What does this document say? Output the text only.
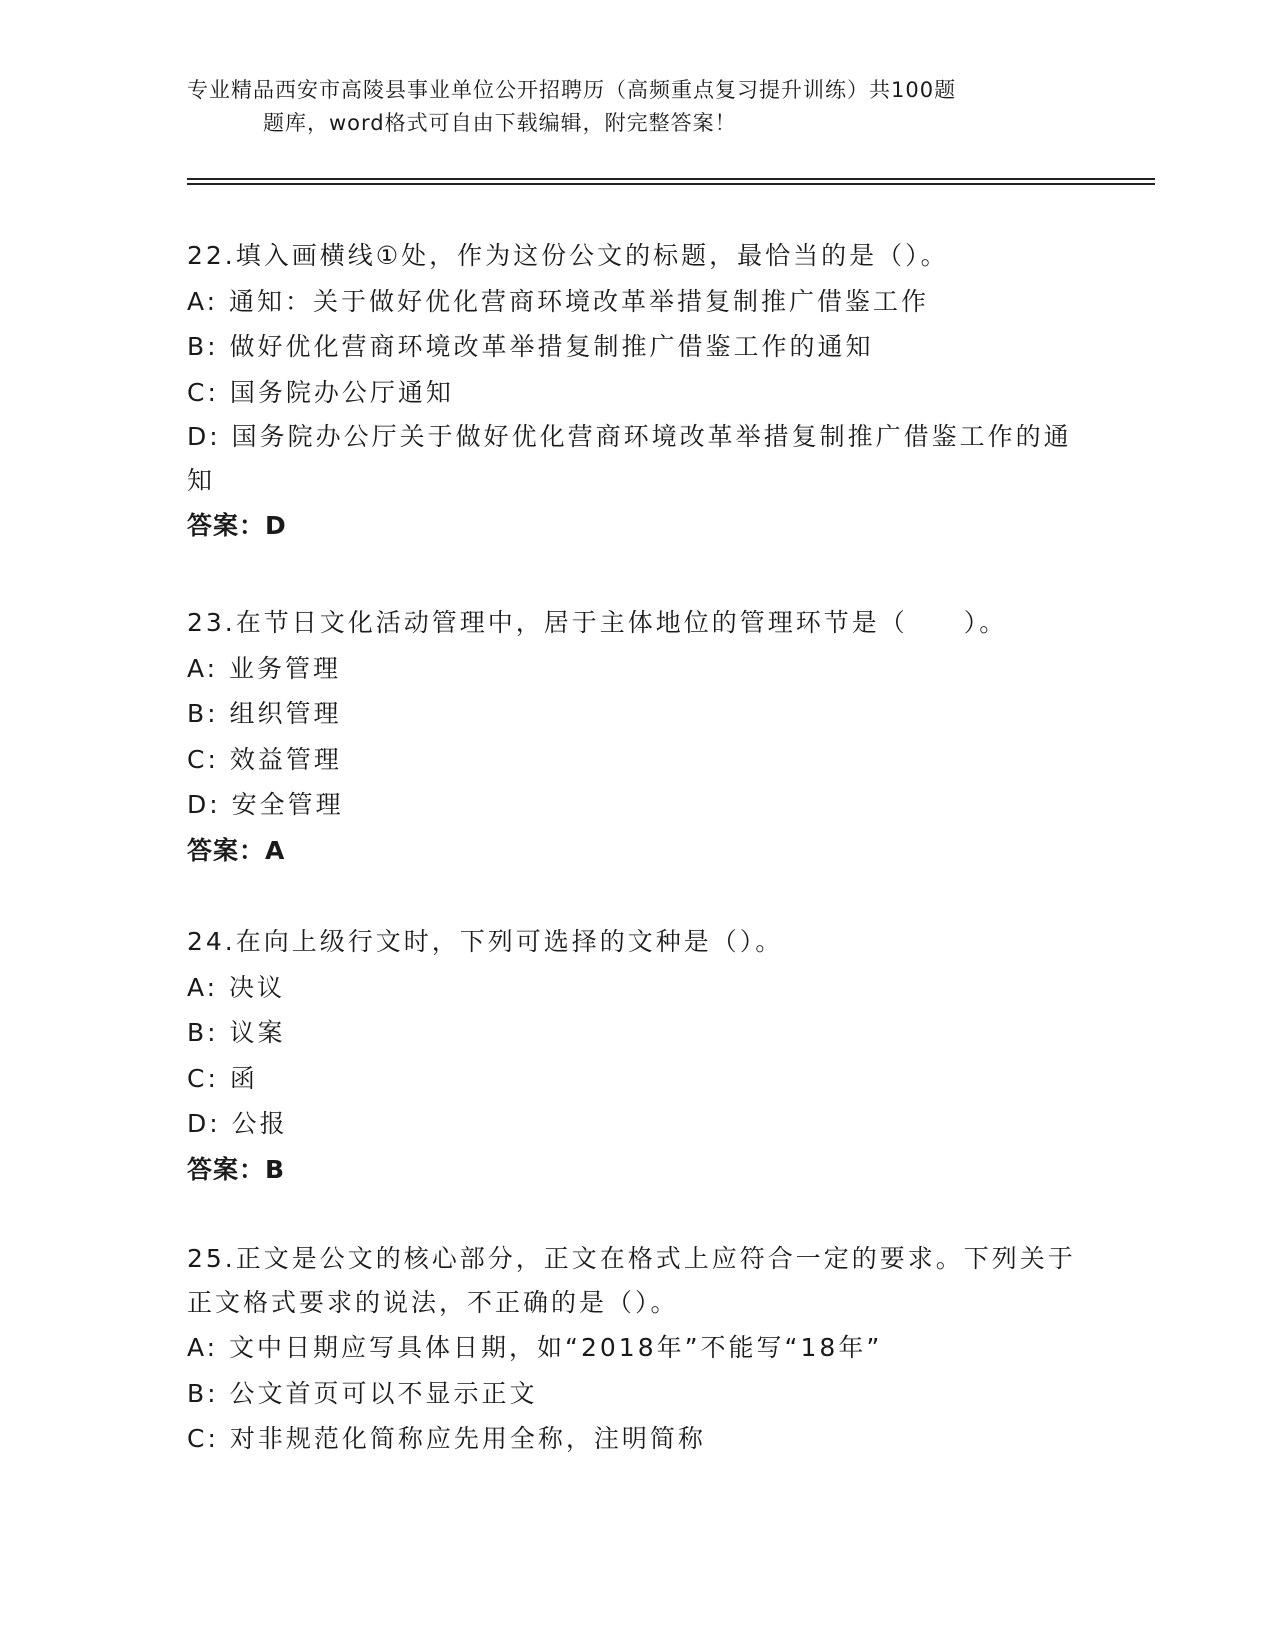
专业精品西安市高陵县事业单位公开招聘历（高频重点复习提升训练）共100题
题库，word格式可自由下载编辑，附完整答案！
22.填入画横线①处，作为这份公文的标题，最恰当的是（）。
A: 通知：关于做好优化营商环境改革举措复制推广借鉴工作
B: 做好优化营商环境改革举措复制推广借鉴工作的通知
C: 国务院办公厅通知
D: 国务院办公厅关于做好优化营商环境改革举措复制推广借鉴工作的通知
答案：D
23.在节日文化活动管理中，居于主体地位的管理环节是（　　）。
A: 业务管理
B: 组织管理
C: 效益管理
D: 安全管理
答案：A
24.在向上级行文时，下列可选择的文种是（）。
A: 决议
B: 议案
C: 函
D: 公报
答案：B
25.正文是公文的核心部分，正文在格式上应符合一定的要求。下列关于正文格式要求的说法，不正确的是（）。
A: 文中日期应写具体日期，如“2018年”不能写“18年”
B: 公文首页可以不显示正文
C: 对非规范化简称应先用全称，注明简称
